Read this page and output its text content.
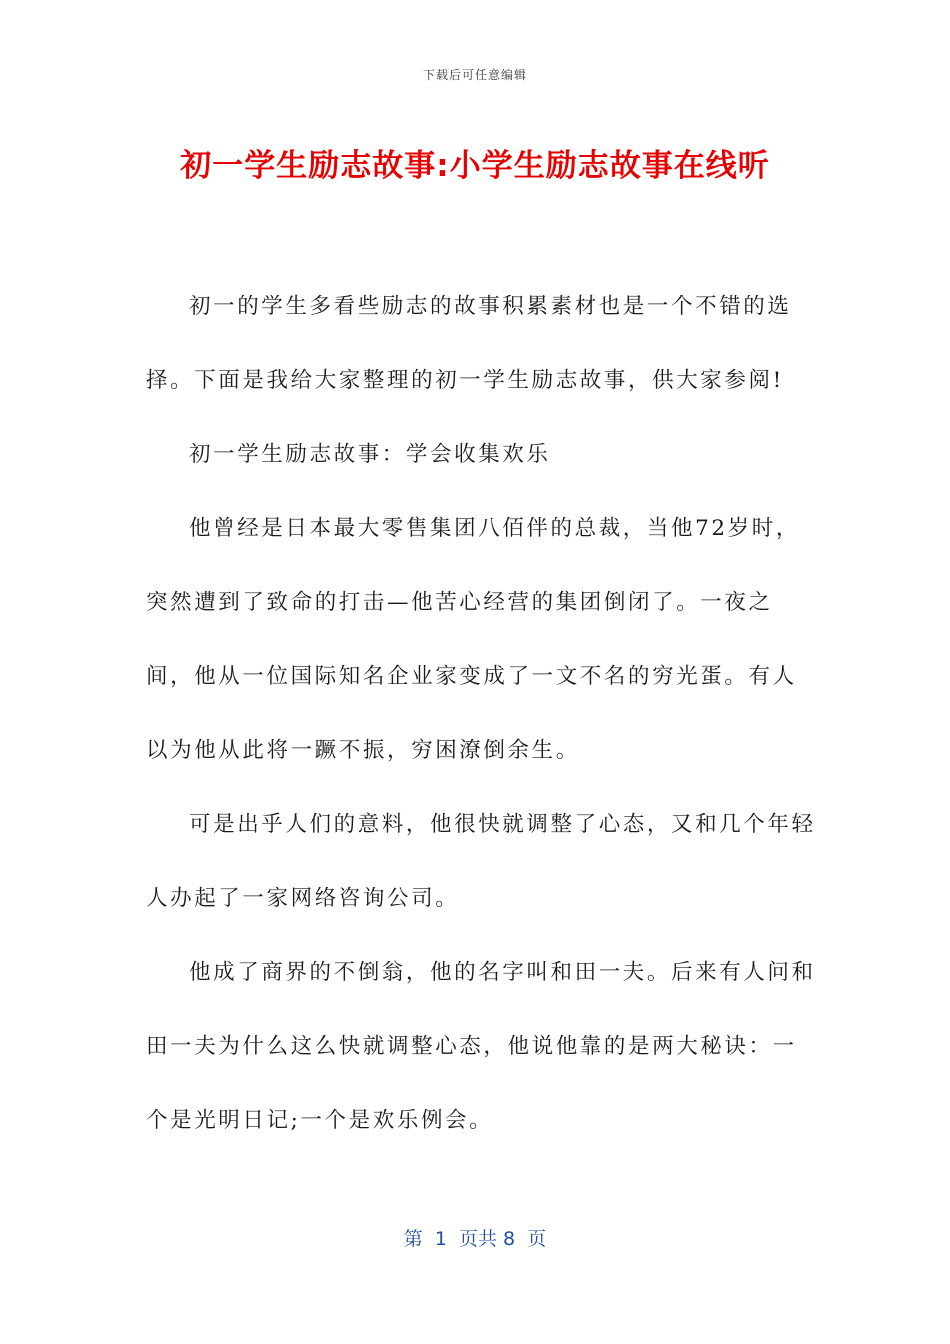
下载后可任意编辑
初一学生励志故事:小学生励志故事在线听

初一的学生多看些励志的故事积累素材也是一个不错的选择。下面是我给大家整理的初一学生励志故事，供大家参阅!

初一学生励志故事：学会收集欢乐

他曾经是日本最大零售集团八佰伴的总裁，当他72岁时，突然遭到了致命的打击—他苦心经营的集团倒闭了。一夜之间，他从一位国际知名企业家变成了一文不名的穷光蛋。有人以为他从此将一蹶不振，穷困潦倒余生。

可是出乎人们的意料，他很快就调整了心态，又和几个年轻人办起了一家网络咨询公司。

他成了商界的不倒翁，他的名字叫和田一夫。后来有人问和田一夫为什么这么快就调整心态，他说他靠的是两大秘诀：一个是光明日记;一个是欢乐例会。

第  1  页共 8  页
